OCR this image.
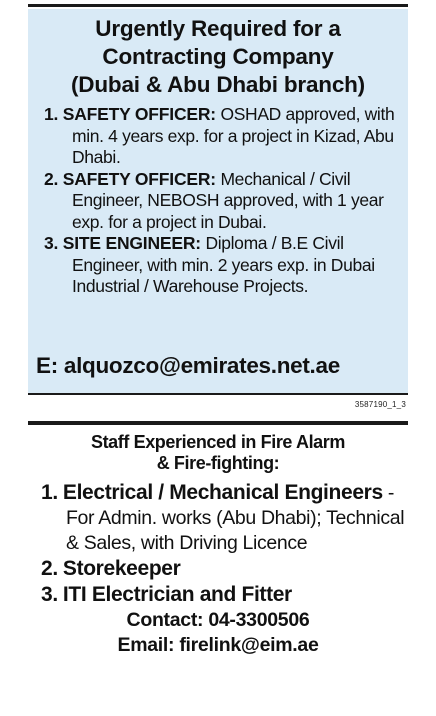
Urgently Required for a
Contracting Company
(Dubai & Abu Dhabi branch)
1. SAFETY OFFICER: OSHAD approved, with min. 4 years exp. for a project in Kizad, Abu Dhabi.
2. SAFETY OFFICER: Mechanical / Civil Engineer, NEBOSH approved, with 1 year exp. for a project in Dubai.
3. SITE ENGINEER: Diploma / B.E Civil Engineer, with min. 2 years exp. in Dubai Industrial / Warehouse Projects.
E: alquozco@emirates.net.ae
3587190_1_3
Staff Experienced in Fire Alarm
& Fire-fighting:
1. Electrical / Mechanical Engineers - For Admin. works (Abu Dhabi); Technical & Sales, with Driving Licence
2. Storekeeper
3. ITI Electrician and Fitter
Contact: 04-3300506
Email: firelink@eim.ae
